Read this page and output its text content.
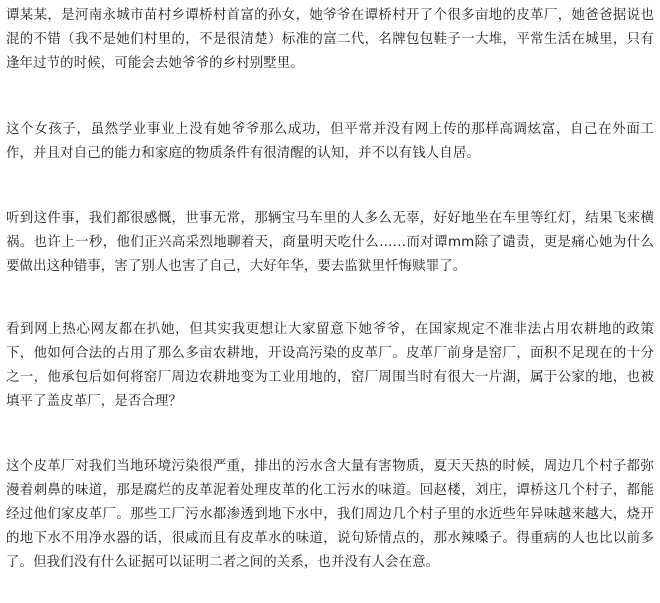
谭某某，是河南永城市苗村乡谭桥村首富的孙女，她爷爷在谭桥村开了个很多亩地的皮革厂，她爸爸据说也混的不错（我不是她们村里的，不是很清楚）标准的富二代，名牌包包鞋子一大堆，平常生活在城里，只有逢年过节的时候，可能会去她爷爷的乡村别墅里。

这个女孩子，虽然学业事业上没有她爷爷那么成功，但平常并没有网上传的那样高调炫富，自己在外面工作，并且对自己的能力和家庭的物质条件有很清醒的认知，并不以有钱人自居。

听到这件事，我们都很感慨，世事无常，那辆宝马车里的人多么无辜，好好地坐在车里等红灯，结果飞来横祸。也许上一秒，他们正兴高采烈地聊着天，商量明天吃什么……而对谭mm除了谴责，更是痛心她为什么要做出这种错事，害了别人也害了自己，大好年华，要去监狱里忏悔赎罪了。

看到网上热心网友都在扒她，但其实我更想让大家留意下她爷爷，在国家规定不准非法占用农耕地的政策下，他如何合法的占用了那么多亩农耕地，开设高污染的皮革厂。皮革厂前身是窑厂，面积不足现在的十分之一，他承包后如何将窑厂周边农耕地变为工业用地的，窑厂周围当时有很大一片湖，属于公家的地，也被填平了盖皮革厂，是否合理？

这个皮革厂对我们当地环境污染很严重，排出的污水含大量有害物质，夏天天热的时候，周边几个村子都弥漫着刺鼻的味道，那是腐烂的皮革泥着处理皮革的化工污水的味道。回赵楼，刘庄，谭桥这几个村子，都能经过他们家皮革厂。那些工厂污水都渗透到地下水中，我们周边几个村子里的水近些年异味越来越大，烧开的地下水不用净水器的话，很咸而且有皮革水的味道，说句矫情点的，那水辣嗓子。得重病的人也比以前多了。但我们没有什么证据可以证明二者之间的关系，也并没有人会在意。
